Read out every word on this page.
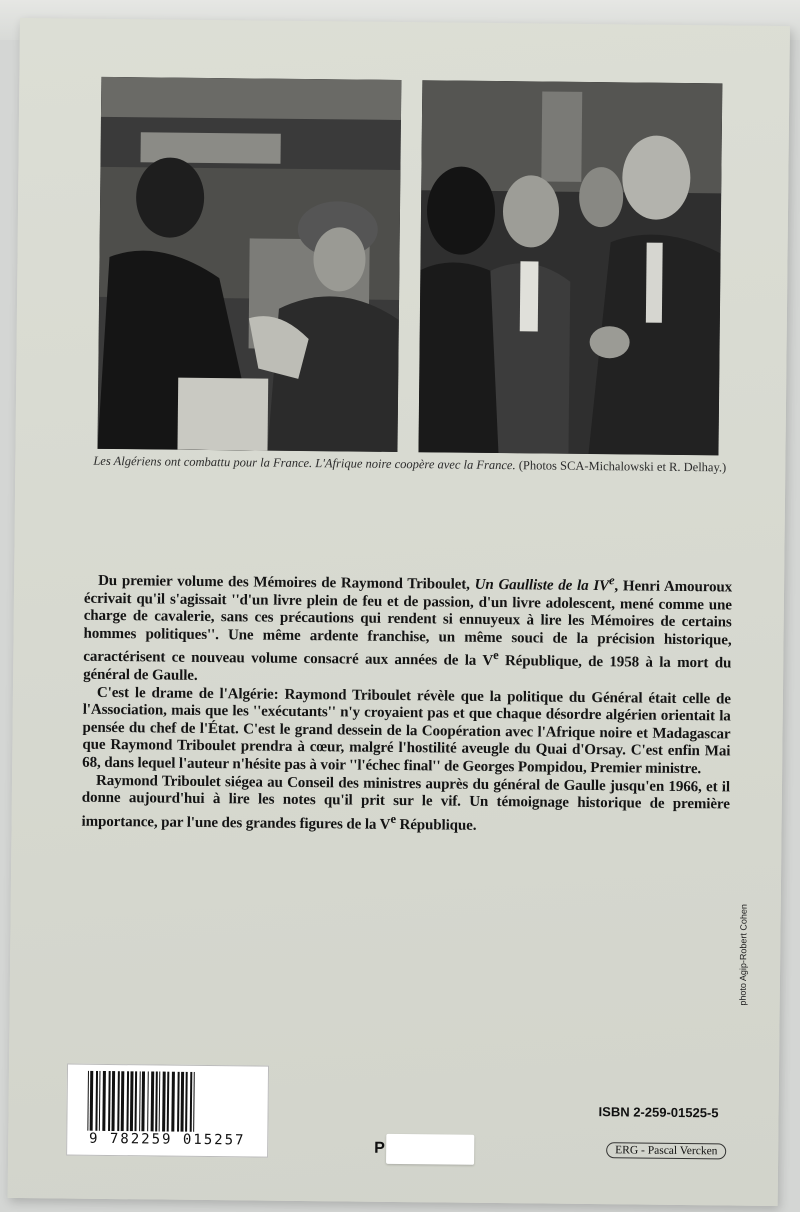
Les Algériens ont combattu pour la France. L'Afrique noire coopère avec la France. (Photos SCA-Michalowski et R. Delhay.)

Du premier volume des Mémoires de Raymond Triboulet, Un Gaulliste de la IVe, Henri Amouroux écrivait qu'il s'agissait ''d'un livre plein de feu et de passion, d'un livre adolescent, mené comme une charge de cavalerie, sans ces précautions qui rendent si ennuyeux à lire les Mémoires de certains hommes politiques''. Une même ardente franchise, un même souci de la précision historique, caractérisent ce nouveau volume consacré aux années de la Ve République, de 1958 à la mort du général de Gaulle.

C'est le drame de l'Algérie: Raymond Triboulet révèle que la politique du Général était celle de l'Association, mais que les ''exécutants'' n'y croyaient pas et que chaque désordre algérien orientait la pensée du chef de l'État. C'est le grand dessein de la Coopération avec l'Afrique noire et Madagascar que Raymond Triboulet prendra à cœur, malgré l'hostilité aveugle du Quai d'Orsay. C'est enfin Mai 68, dans lequel l'auteur n'hésite pas à voir ''l'échec final'' de Georges Pompidou, Premier ministre.

Raymond Triboulet siégea au Conseil des ministres auprès du général de Gaulle jusqu'en 1966, et il donne aujourd'hui à lire les notes qu'il prit sur le vif. Un témoignage historique de première importance, par l'une des grandes figures de la Ve République.

photo Agip-Robert Cohen
9 782259 015257	P
ISBN 2-259-01525-5
ERG - Pascal Vercken
